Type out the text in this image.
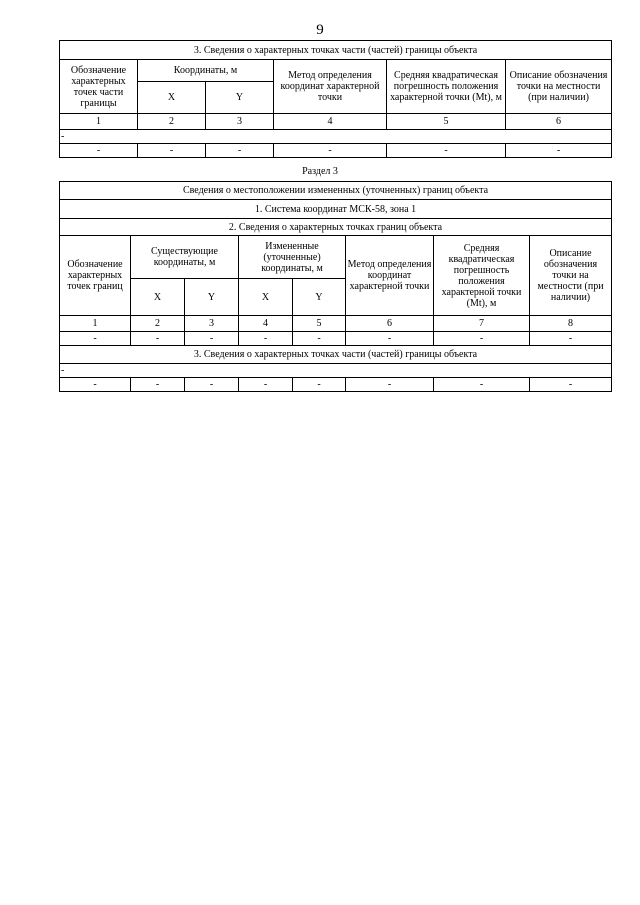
9
3. Сведения о характерных точках части (частей) границы объекта					
Обозначение характерных точек части границы	Координаты, м		Метод определения координат характерной точки	Средняя квадратическая погрешность положения характерной точки (Mt), м	Описание обозначения точки на местности (при наличии)
	X	Y			
1	2	3	4	5	6
-					
-	-	-	-	-	-
Раздел 3
Сведения о местоположении измененных (уточненных) границ объекта							
1. Система координат МСК-58, зона 1							
2. Сведения о характерных точках границ объекта							
Обозначение характерных точек границ	Существующие координаты, м		Измененные (уточненные) координаты, м		Метод определения координат характерной точки	Средняя квадратическая погрешность положения характерной точки (Mt), м	Описание обозначения точки на местности (при наличии)
	X	Y	X	Y			
1	2	3	4	5	6	7	8
-	-	-	-	-	-	-	-
3. Сведения о характерных точках части (частей) границы объекта							
-							
-	-	-	-	-	-	-	-
